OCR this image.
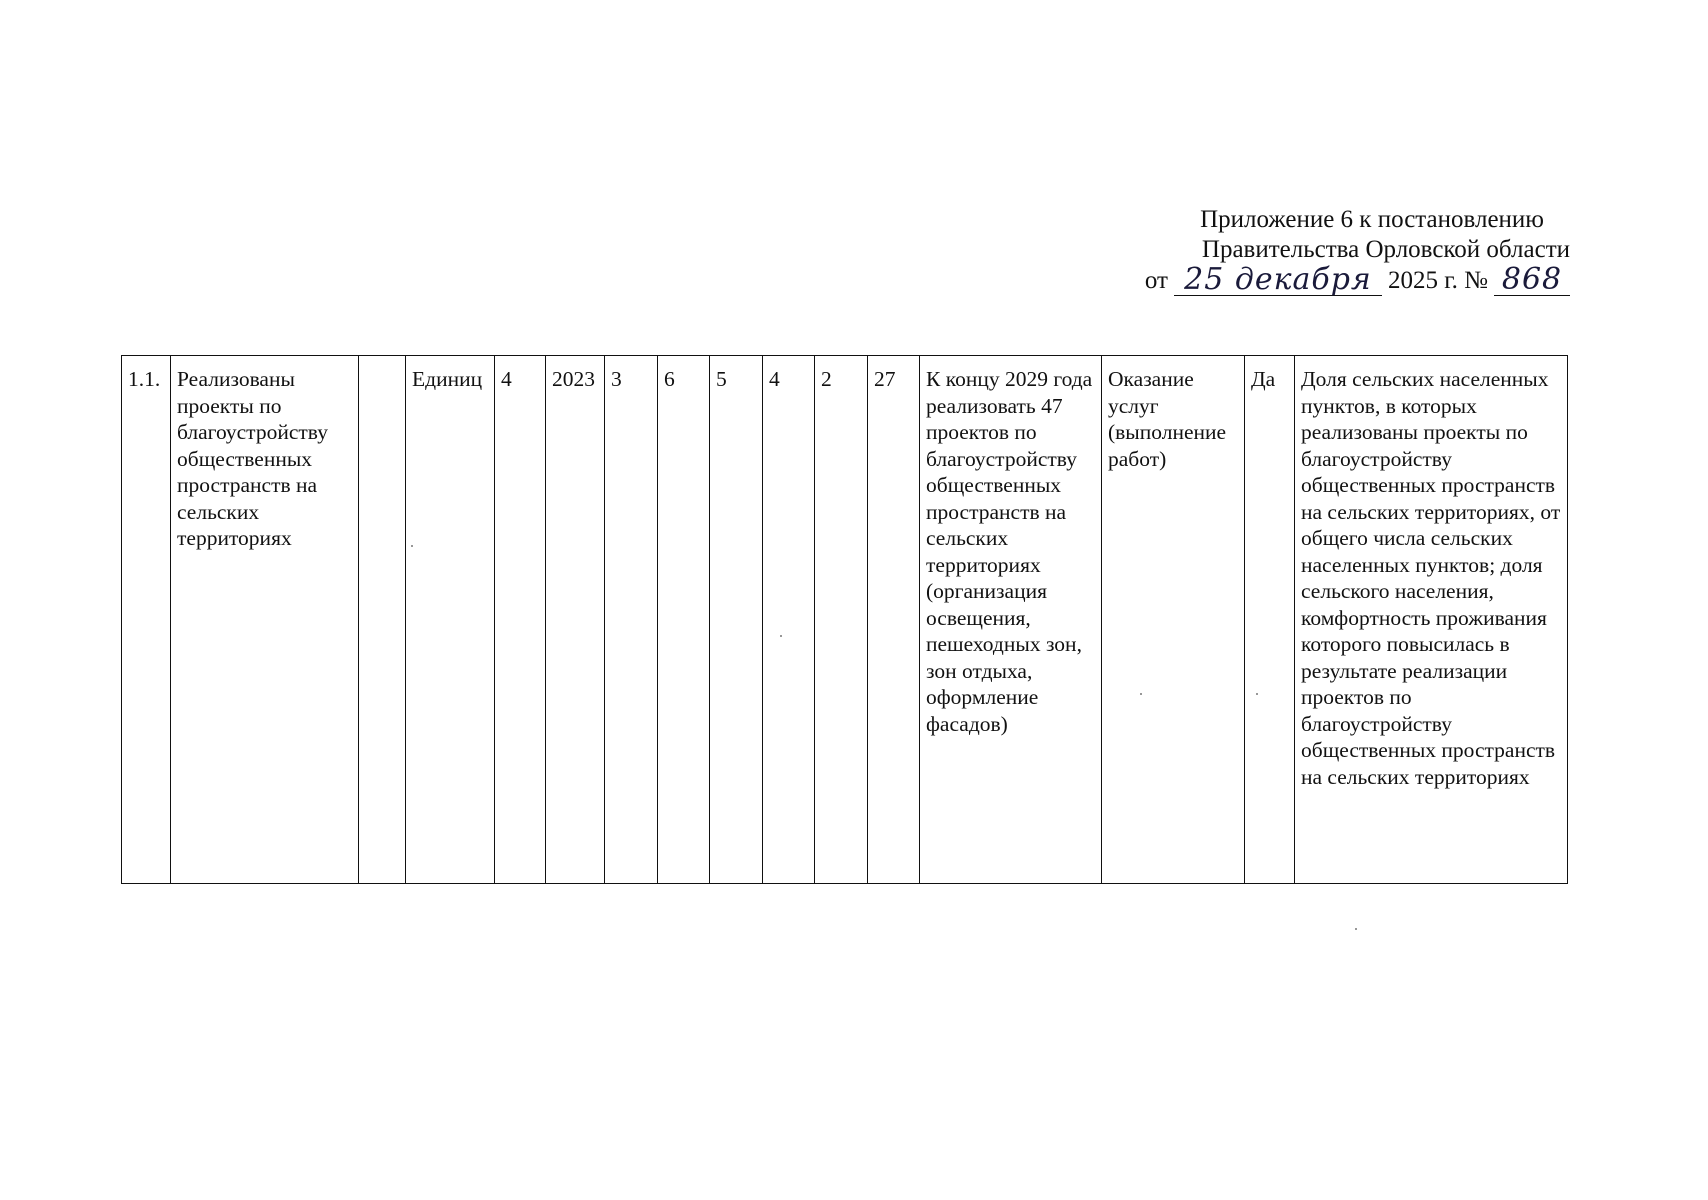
Приложение 6 к постановлению
Правительства Орловской области
от 25 декабря 2025 г. № 868
1.1.	Реализованы проекты по благоустройству общественных пространств на сельских территориях		Единиц	4	2023	3	6	5	4	2	27	К концу 2029 года реализовать 47 проектов по благоустройству общественных пространств на сельских территориях (организация освещения, пешеходных зон, зон отдыха, оформление фасадов)	Оказание услуг (выполнение работ)	Да	Доля сельских населенных пунктов, в которых реализованы проекты по благоустройству общественных пространств на сельских территориях, от общего числа сельских населенных пунктов; доля сельского населения, комфортность проживания которого повысилась в результате реализации проектов по благоустройству общественных пространств на сельских территориях
